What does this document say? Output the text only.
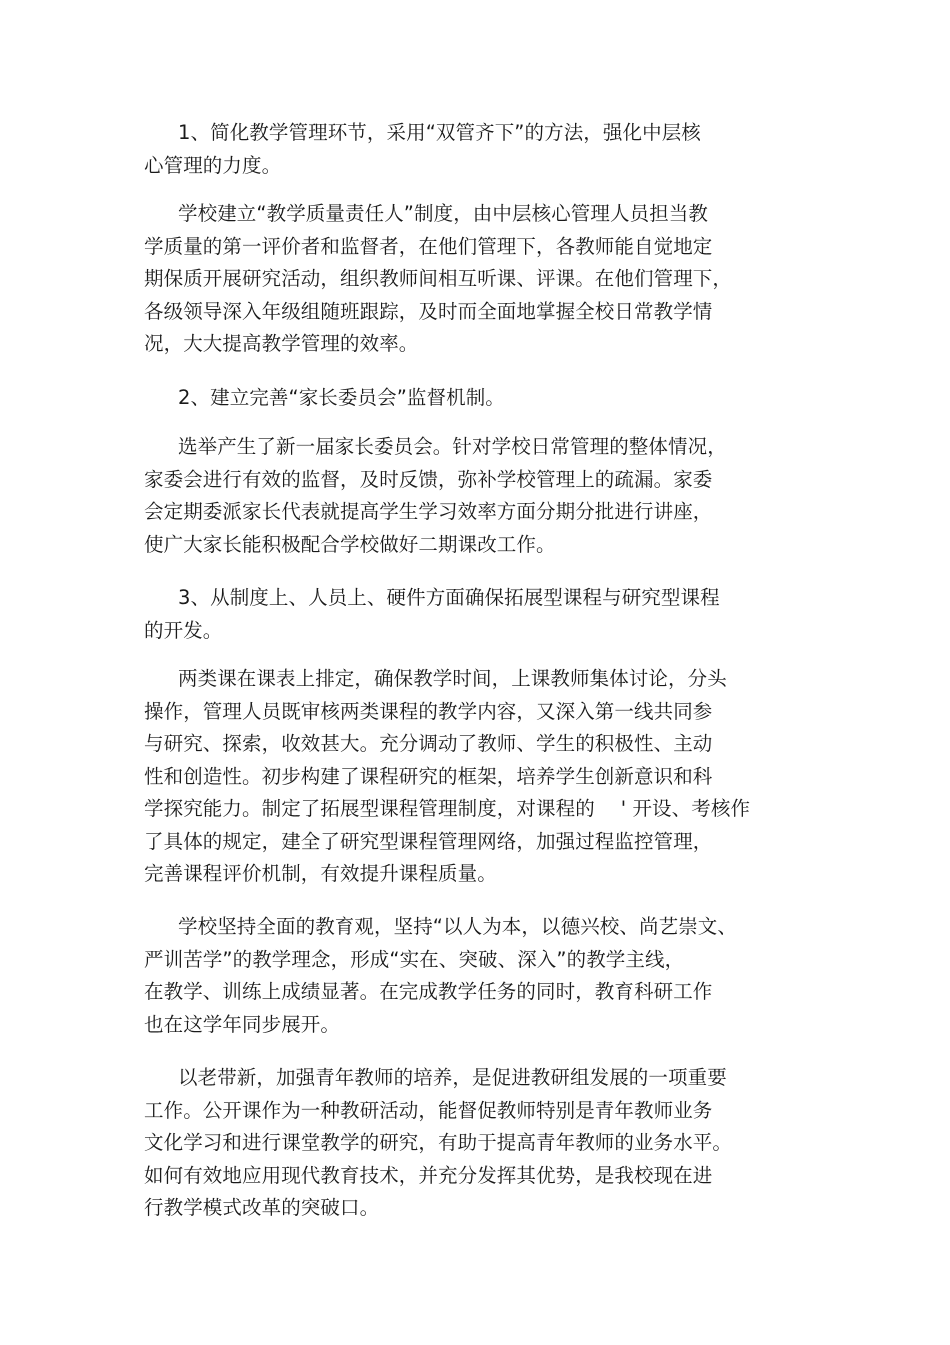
1、简化教学管理环节，采用“双管齐下”的方法，强化中层核
心管理的力度。
学校建立“教学质量责任人”制度，由中层核心管理人员担当教
学质量的第一评价者和监督者，在他们管理下，各教师能自觉地定
期保质开展研究活动，组织教师间相互听课、评课。在他们管理下，
各级领导深入年级组随班跟踪，及时而全面地掌握全校日常教学情
况，大大提高教学管理的效率。
2、建立完善“家长委员会”监督机制。
选举产生了新一届家长委员会。针对学校日常管理的整体情况，
家委会进行有效的监督，及时反馈，弥补学校管理上的疏漏。家委
会定期委派家长代表就提高学生学习效率方面分期分批进行讲座，
使广大家长能积极配合学校做好二期课改工作。
3、从制度上、人员上、硬件方面确保拓展型课程与研究型课程
的开发。
两类课在课表上排定，确保教学时间，上课教师集体讨论，分头
操作，管理人员既审核两类课程的教学内容，又深入第一线共同参
与研究、探索，收效甚大。充分调动了教师、学生的积极性、主动
性和创造性。初步构建了课程研究的框架，培养学生创新意识和科
学探究能力。制定了拓展型课程管理制度，对课程的　 ' 开设、考核作
了具体的规定，建全了研究型课程管理网络，加强过程监控管理，
完善课程评价机制，有效提升课程质量。
学校坚持全面的教育观，坚持“以人为本，以德兴校、尚艺崇文、
严训苦学”的教学理念，形成“实在、突破、深入”的教学主线，
在教学、训练上成绩显著。在完成教学任务的同时，教育科研工作
也在这学年同步展开。
以老带新，加强青年教师的培养，是促进教研组发展的一项重要
工作。公开课作为一种教研活动，能督促教师特别是青年教师业务
文化学习和进行课堂教学的研究，有助于提高青年教师的业务水平。
如何有效地应用现代教育技术，并充分发挥其优势，是我校现在进
行教学模式改革的突破口。
